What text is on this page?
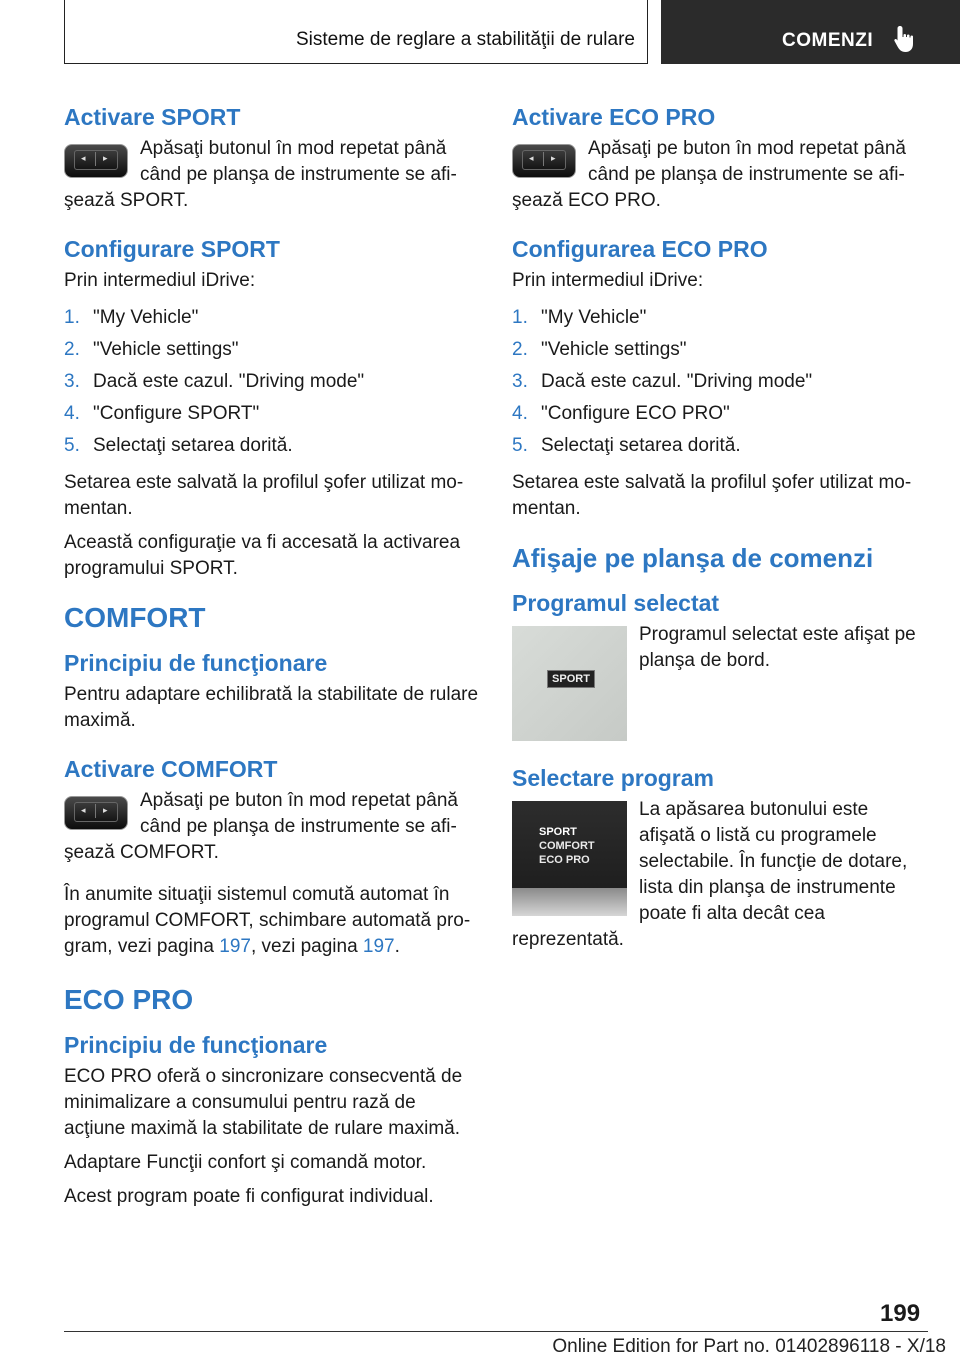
Sisteme de reglare a stabilităţii de rulare	COMENZI
Activare SPORT
◂ ▸	Apăsaţi butonul în mod repetat până când pe planşa de instrumente se afi‐

şează SPORT.

Configurare SPORT

Prin intermediul iDrive:

1. "My Vehicle"
2. "Vehicle settings"
3. Dacă este cazul. "Driving mode"
4. "Configure SPORT"
5. Selectaţi setarea dorită.

Setarea este salvată la profilul şofer utilizat mo‐ mentan.

Această configuraţie va fi accesată la activarea programului SPORT.

COMFORT
Principiu de funcţionare

Pentru adaptare echilibrată la stabilitate de rulare maximă.

Activare COMFORT
◂ ▸	Apăsaţi pe buton în mod repetat până când pe planşa de instrumente se afi‐

şează COMFORT.

În anumite situaţii sistemul comută automat în programul COMFORT, schimbare automată pro‐ gram, vezi pagina 197, vezi pagina 197.

ECO PRO
Principiu de funcţionare

ECO PRO oferă o sincronizare consecventă de minimalizare a consumului pentru rază de acţiune maximă la stabilitate de rulare maximă.

Adaptare Funcţii confort şi comandă motor.

Acest program poate fi configurat individual.

Activare ECO PRO
◂ ▸	Apăsaţi pe buton în mod repetat până când pe planşa de instrumente se afi‐

şează ECO PRO.

Configurarea ECO PRO

Prin intermediul iDrive:

1. "My Vehicle"
2. "Vehicle settings"
3. Dacă este cazul. "Driving mode"
4. "Configure ECO PRO"
5. Selectaţi setarea dorită.

Setarea este salvată la profilul şofer utilizat mo‐ mentan.

Afişaje pe planşa de comenzi
Programul selectat
SPORT

Programul selectat este afişat pe planşa de bord.

Selectare program
SPORT
COMFORT
ECO PRO

La apăsarea butonului este afişată o listă cu programele selectabile. În funcţie de dotare, lista din planşa de instrumente poate fi alta decât cea reprezentată.

199
Online Edition for Part no. 01402896118 - X/18
